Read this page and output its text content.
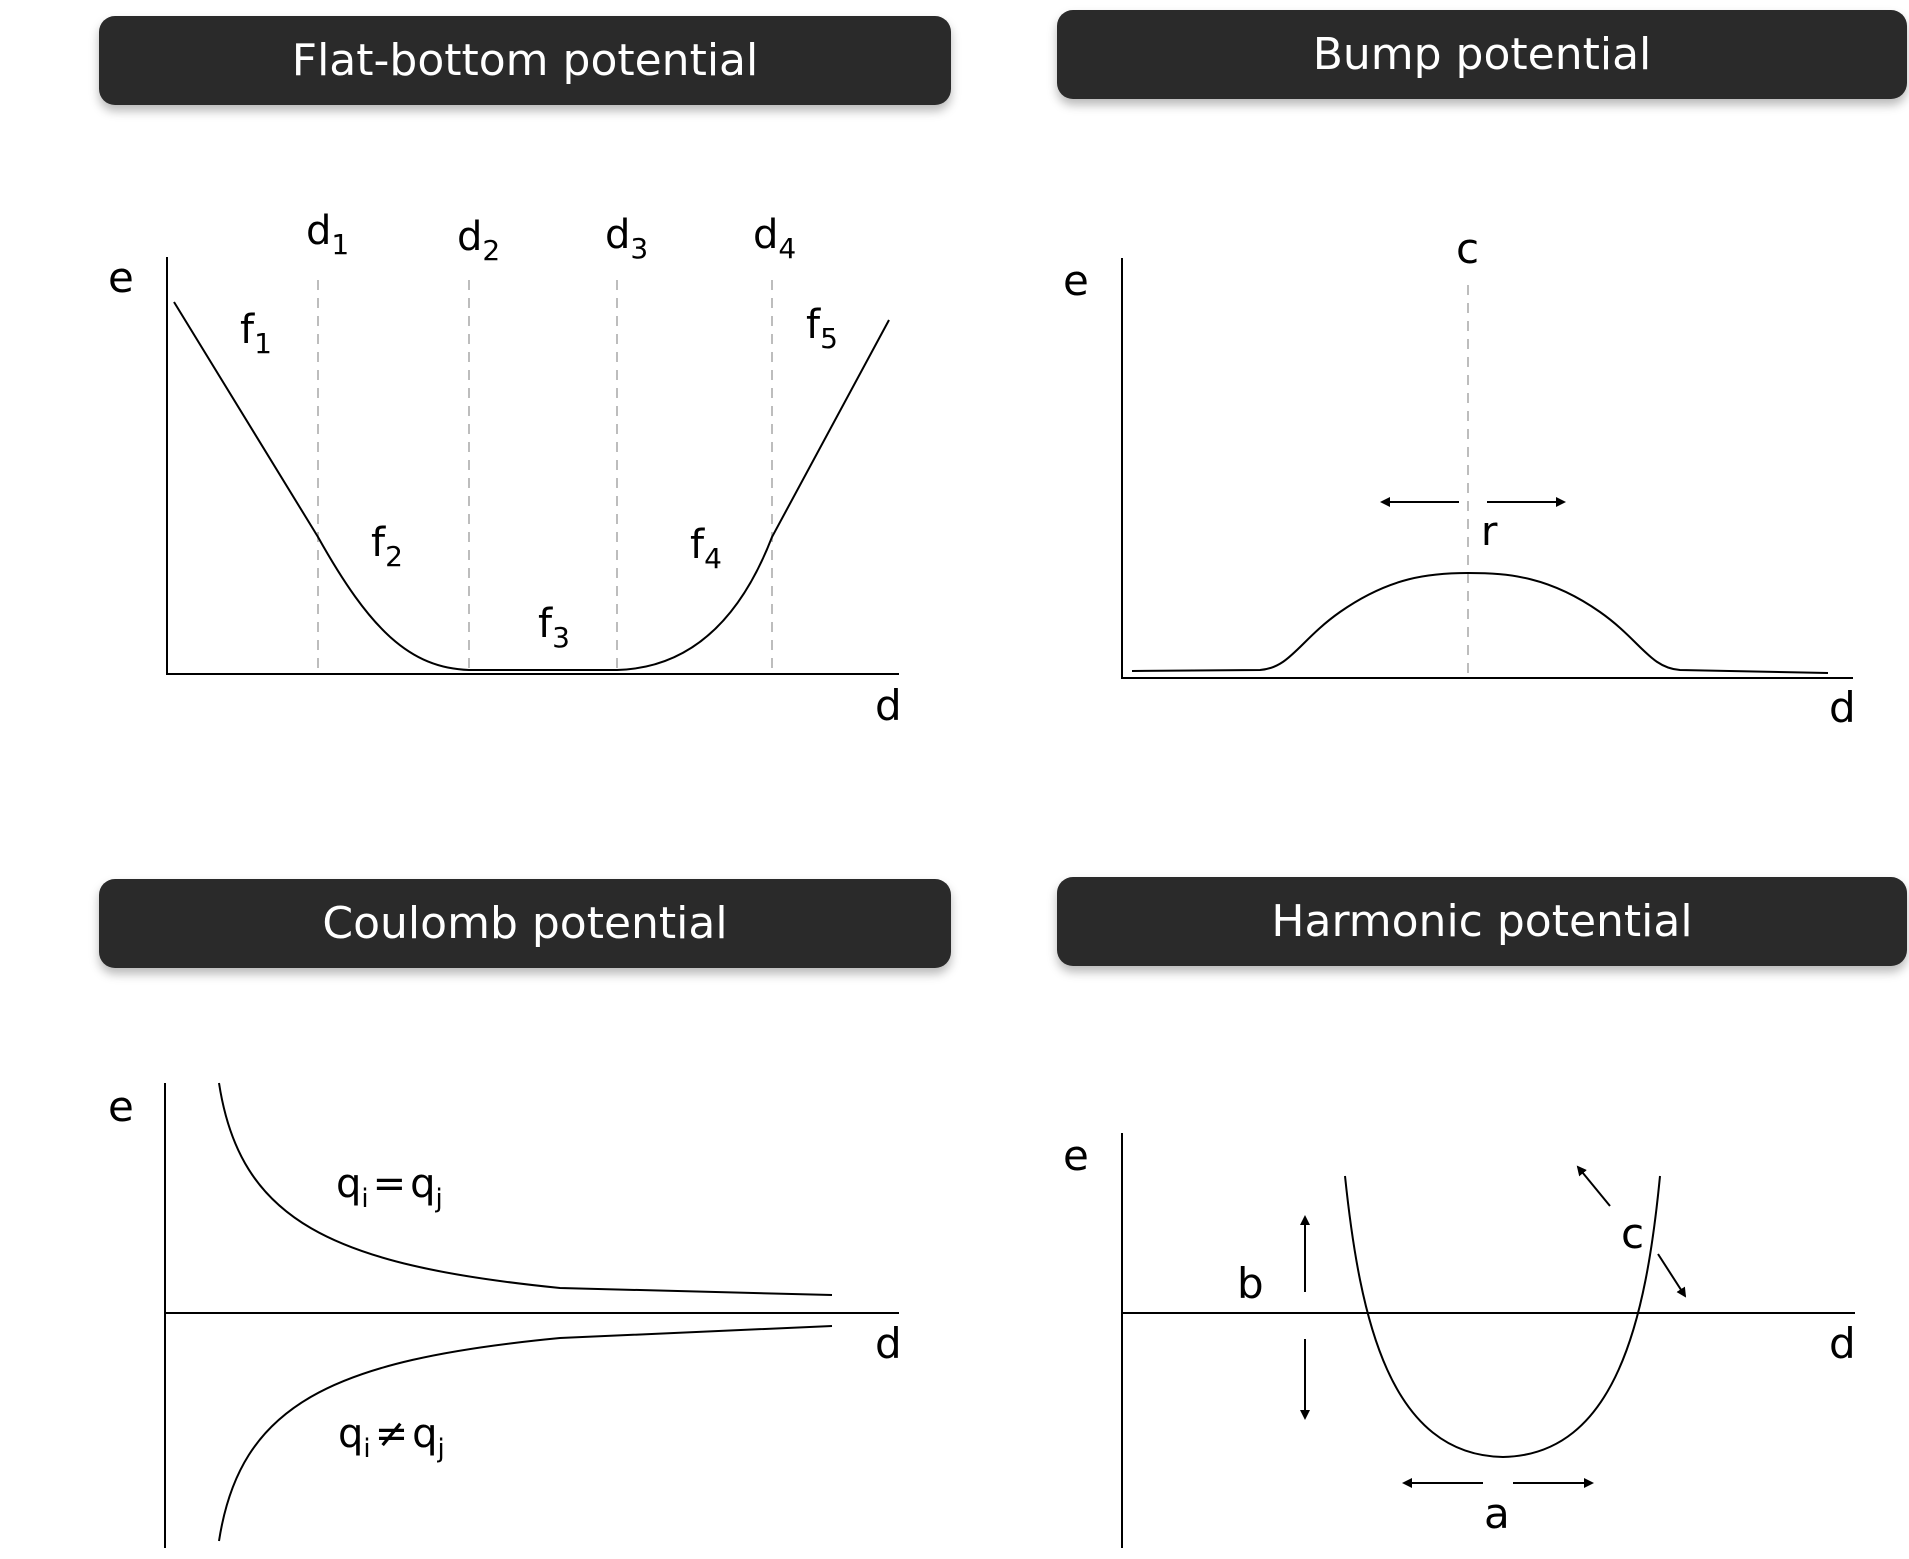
Flat-bottom potential	Bump potential
Coulomb potential	Harmonic potential
e
d
$d_1$	$d_2$	$d_3$	$d_4$
$f_1$
$f_2$
$f_3$
$f_4$
$f_5$
e
d
c
r
e
d
$q_i = q_j$
$q_i \ne q_j$
e
d
b
a
c
